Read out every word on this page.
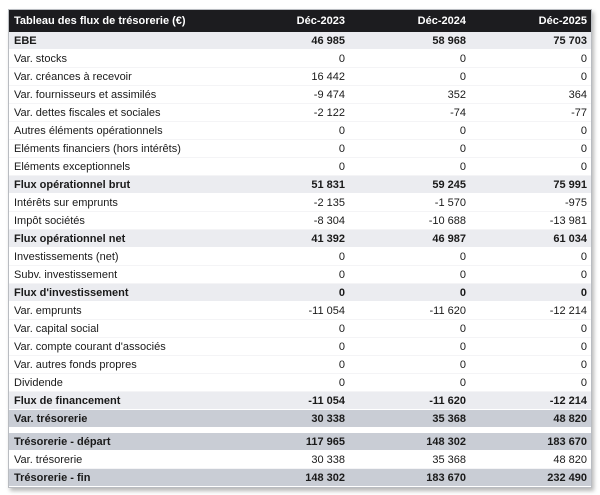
Tableau des flux de trésorerie (€)	Déc-2023	Déc-2024	Déc-2025
EBE	46 985	58 968	75 703
Var. stocks	0	0	0
Var. créances à recevoir	16 442	0	0
Var. fournisseurs et assimilés	-9 474	352	364
Var. dettes fiscales et sociales	-2 122	-74	-77
Autres éléments opérationnels	0	0	0
Eléments financiers (hors intérêts)	0	0	0
Eléments exceptionnels	0	0	0
Flux opérationnel brut	51 831	59 245	75 991
Intérêts sur emprunts	-2 135	-1 570	-975
Impôt sociétés	-8 304	-10 688	-13 981
Flux opérationnel net	41 392	46 987	61 034
Investissements (net)	0	0	0
Subv. investissement	0	0	0
Flux d'investissement	0	0	0
Var. emprunts	-11 054	-11 620	-12 214
Var. capital social	0	0	0
Var. compte courant d'associés	0	0	0
Var. autres fonds propres	0	0	0
Dividende	0	0	0
Flux de financement	-11 054	-11 620	-12 214
Var. trésorerie	30 338	35 368	48 820
Trésorerie - départ	117 965	148 302	183 670
Var. trésorerie	30 338	35 368	48 820
Trésorerie - fin	148 302	183 670	232 490
